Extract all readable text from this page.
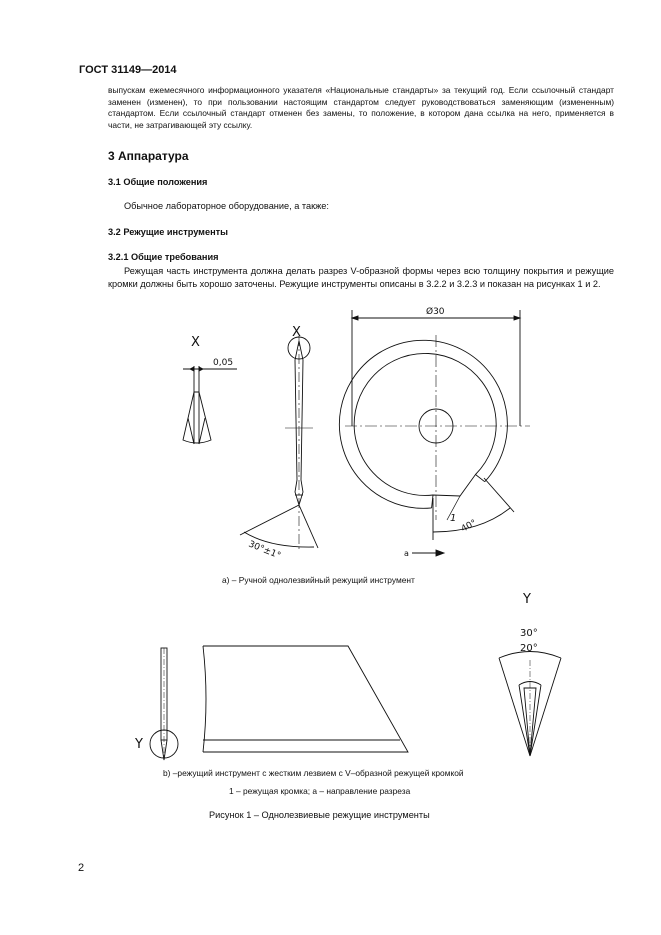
ГОСТ 31149—2014

выпускам ежемесячного информационного указателя «Национальные стандарты» за текущий год. Если ссылочный стандарт заменен (изменен), то при пользовании настоящим стандартом следует руководствоваться заменяющим (измененным) стандартом. Если ссылочный стандарт отменен без замены, то положение, в котором дана ссылка на него, применяется в части, не затрагивающей эту ссылку.

3 Аппаратура
3.1 Общие положения
Обычное лабораторное оборудование, а также:
3.2 Режущие инструменты
3.2.1 Общие требования

Режущая часть инструмента должна делать разрез V-образной формы через всю толщину покрытия и режущие кромки должны быть хорошо заточены. Режущие инструменты описаны в 3.2.2 и 3.2.3 и показан на рисунках 1 и 2.

X
X
0,05
30°±1°
Ø30
40°
1
a
Y
Y
30°
20°
а) – Ручной однолезвийный режущий инструмент
b) –режущий инструмент с жестким лезвием с V–образной режущей кромкой
1 – режущая кромка; а – направление разреза
Рисунок 1 – Однолезвиевые режущие инструменты
2
